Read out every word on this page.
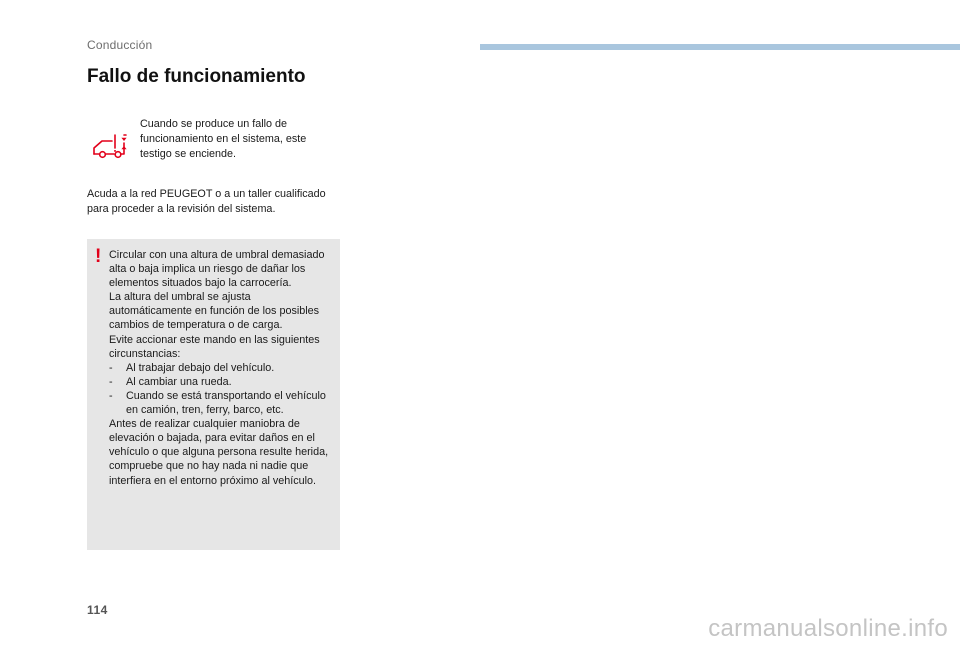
Conducción
Fallo de funcionamiento
Cuando se produce un fallo de funcionamiento en el sistema, este testigo se enciende.
Acuda a la red PEUGEOT o a un taller cualificado para proceder a la revisión del sistema.
! Circular con una altura de umbral demasiado alta o baja implica un riesgo de dañar los elementos situados bajo la carrocería.

La altura del umbral se ajusta automáticamente en función de los posibles cambios de temperatura o de carga.

Evite accionar este mando en las siguientes circunstancias:

- Al trabajar debajo del vehículo.
- Al cambiar una rueda.
- Cuando se está transportando el vehículo en camión, tren, ferry, barco, etc.

Antes de realizar cualquier maniobra de elevación o bajada, para evitar daños en el vehículo o que alguna persona resulte herida, compruebe que no hay nada ni nadie que interfiera en el entorno próximo al vehículo.

114
carmanualsonline.info
